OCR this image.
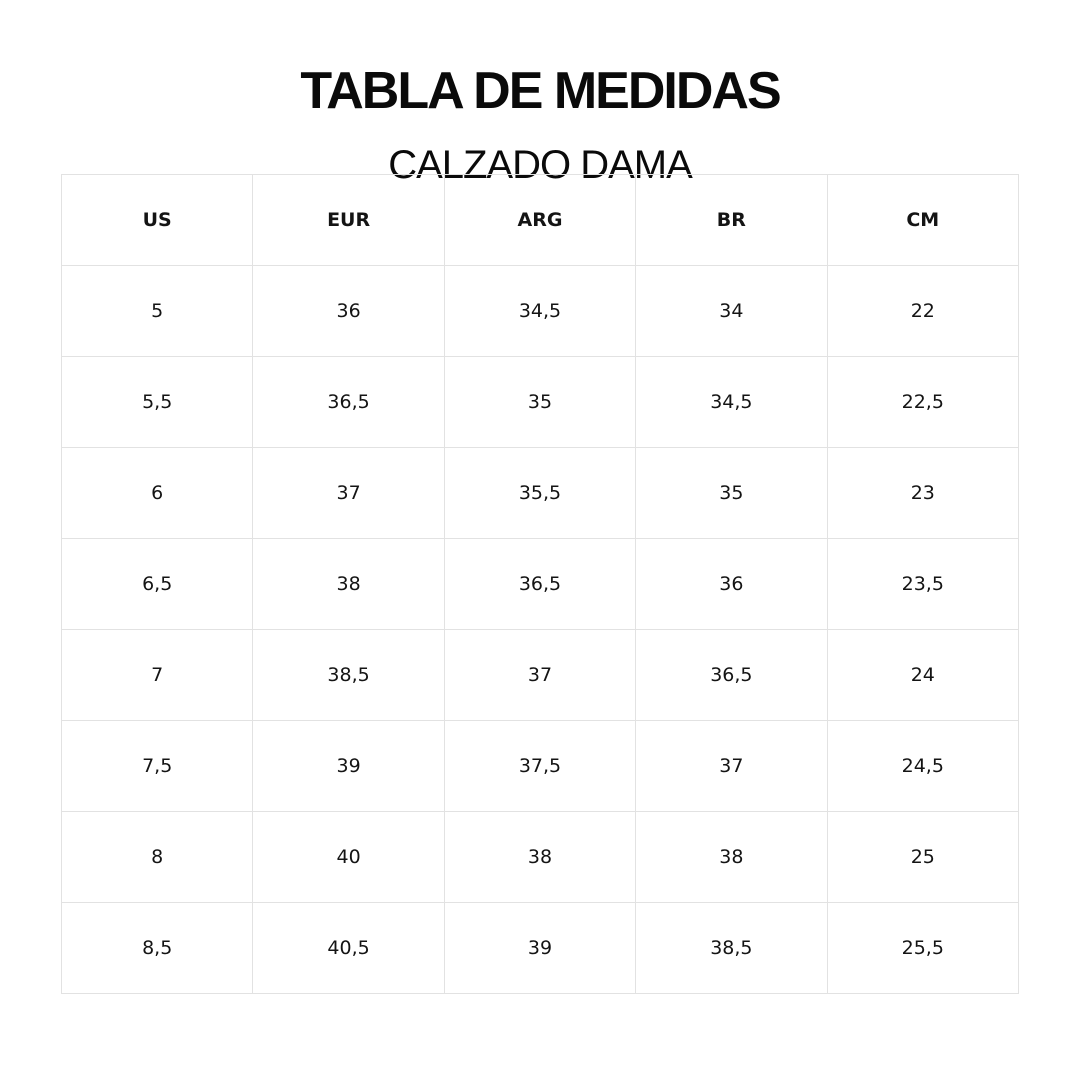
TABLA DE MEDIDAS
CALZADO DAMA
US	EUR	ARG	BR	CM
5	36	34,5	34	22
5,5	36,5	35	34,5	22,5
6	37	35,5	35	23
6,5	38	36,5	36	23,5
7	38,5	37	36,5	24
7,5	39	37,5	37	24,5
8	40	38	38	25
8,5	40,5	39	38,5	25,5
